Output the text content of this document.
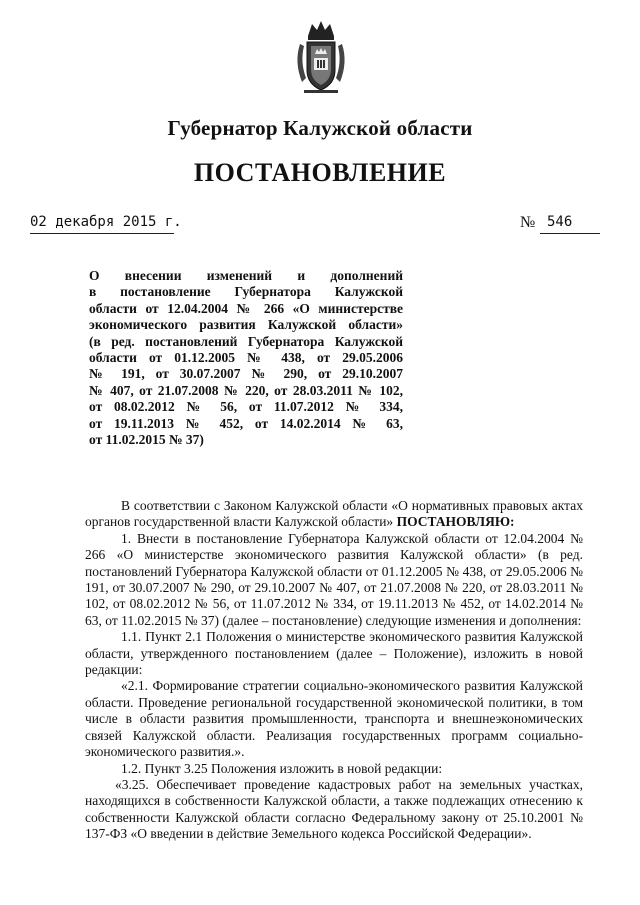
Губернатор Калужской области
ПОСТАНОВЛЕНИЕ
02 декабря 2015 г.	№ 546
О внесении изменений и дополнений
в постановление Губернатора Калужской
области от 12.04.2004 № 266 «О министерстве
экономического развития Калужской области»
(в ред. постановлений Губернатора Калужской
области от 01.12.2005 № 438, от 29.05.2006
№ 191, от 30.07.2007 № 290, от 29.10.2007
№ 407, от 21.07.2008 № 220, от 28.03.2011 № 102,
от 08.02.2012 № 56, от 11.07.2012 № 334,
от 19.11.2013 № 452, от 14.02.2014 № 63,
от 11.02.2015 № 37)

В соответствии с Законом Калужской области «О нормативных правовых актах органов государственной власти Калужской области» ПОСТАНОВЛЯЮ:

1. Внести в постановление Губернатора Калужской области от 12.04.2004 № 266 «О министерстве экономического развития Калужской области» (в ред. постановлений Губернатора Калужской области от 01.12.2005 № 438, от 29.05.2006 № 191, от 30.07.2007 № 290, от 29.10.2007 № 407, от 21.07.2008 № 220, от 28.03.2011 № 102, от 08.02.2012 № 56, от 11.07.2012 № 334, от 19.11.2013 № 452, от 14.02.2014 № 63, от 11.02.2015 № 37) (далее – постановление) следующие изменения и дополнения:

1.1. Пункт 2.1 Положения о министерстве экономического развития Калужской области, утвержденного постановлением (далее – Положение), изложить в новой редакции:

«2.1. Формирование стратегии социально-экономического развития Калужской области. Проведение региональной государственной экономической политики, в том числе в области развития промышленности, транспорта и внешнеэкономических связей Калужской области. Реализация государственных программ социально-экономического развития.».

1.2. Пункт 3.25 Положения изложить в новой редакции:

«3.25. Обеспечивает проведение кадастровых работ на земельных участках, находящихся в собственности Калужской области, а также подлежащих отнесению к собственности Калужской области согласно Федеральному закону от 25.10.2001 № 137-ФЗ «О введении в действие Земельного кодекса Российской Федерации».
